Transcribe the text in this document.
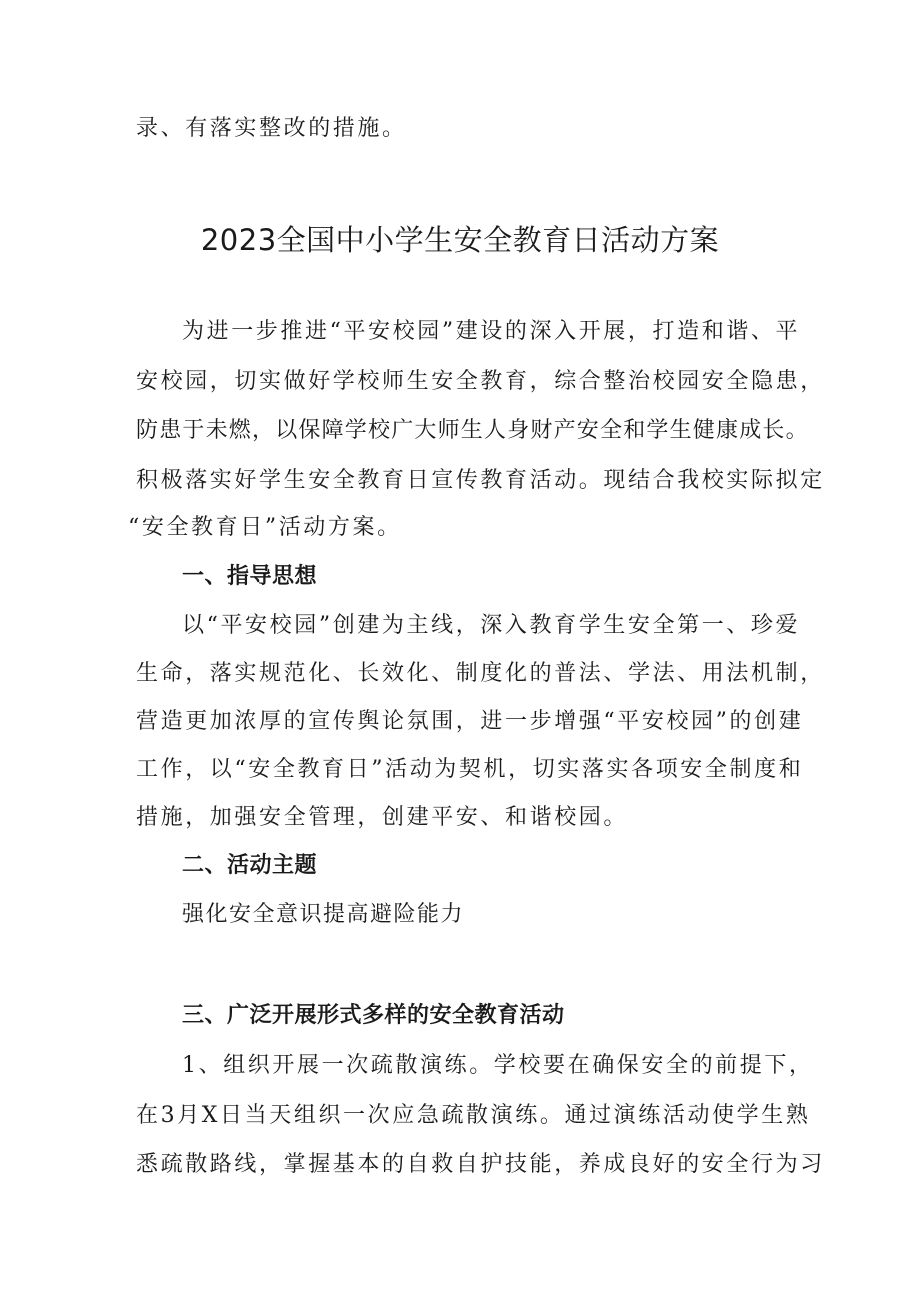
录、有落实整改的措施。

2023全国中小学生安全教育日活动方案

为进一步推进“平安校园”建设的深入开展，打造和谐、平

安校园，切实做好学校师生安全教育，综合整治校园安全隐患，

防患于未燃，以保障学校广大师生人身财产安全和学生健康成长。

积极落实好学生安全教育日宣传教育活动。现结合我校实际拟定

“安全教育日”活动方案。

一、指导思想

以“平安校园”创建为主线，深入教育学生安全第一、珍爱

生命，落实规范化、长效化、制度化的普法、学法、用法机制，

营造更加浓厚的宣传舆论氛围，进一步增强“平安校园”的创建

工作，以“安全教育日”活动为契机，切实落实各项安全制度和

措施，加强安全管理，创建平安、和谐校园。

二、活动主题

强化安全意识提高避险能力

三、广泛开展形式多样的安全教育活动

1、组织开展一次疏散演练。学校要在确保安全的前提下，

在3月X日当天组织一次应急疏散演练。通过演练活动使学生熟

悉疏散路线，掌握基本的自救自护技能，养成良好的安全行为习
